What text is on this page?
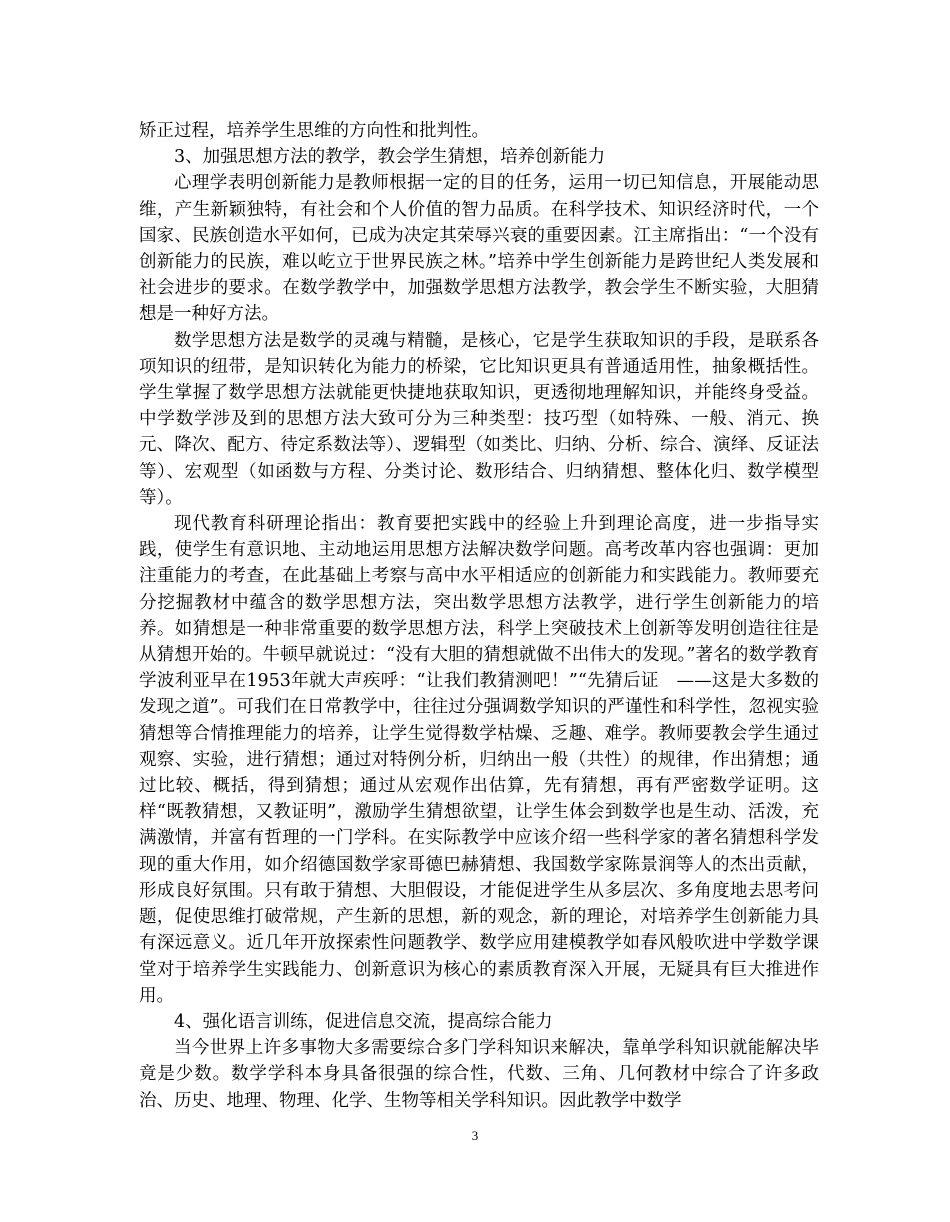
矫正过程，培养学生思维的方向性和批判性。

3、加强思想方法的教学，教会学生猜想，培养创新能力

心理学表明创新能力是教师根据一定的目的任务，运用一切已知信息，开展能动思维，产生新颖独特，有社会和个人价值的智力品质。在科学技术、知识经济时代，一个国家、民族创造水平如何，已成为决定其荣辱兴衰的重要因素。江主席指出：“一个没有创新能力的民族，难以屹立于世界民族之林。”培养中学生创新能力是跨世纪人类发展和社会进步的要求。在数学教学中，加强数学思想方法教学，教会学生不断实验，大胆猜想是一种好方法。

数学思想方法是数学的灵魂与精髓，是核心，它是学生获取知识的手段，是联系各项知识的纽带，是知识转化为能力的桥梁，它比知识更具有普通适用性，抽象概括性。学生掌握了数学思想方法就能更快捷地获取知识，更透彻地理解知识，并能终身受益。中学数学涉及到的思想方法大致可分为三种类型：技巧型（如特殊、一般、消元、换元、降次、配方、待定系数法等）、逻辑型（如类比、归纳、分析、综合、演绎、反证法等）、宏观型（如函数与方程、分类讨论、数形结合、归纳猜想、整体化归、数学模型等）。

现代教育科研理论指出：教育要把实践中的经验上升到理论高度，进一步指导实践，使学生有意识地、主动地运用思想方法解决数学问题。高考改革内容也强调：更加注重能力的考查，在此基础上考察与高中水平相适应的创新能力和实践能力。教师要充分挖掘教材中蕴含的数学思想方法，突出数学思想方法教学，进行学生创新能力的培养。如猜想是一种非常重要的数学思想方法，科学上突破技术上创新等发明创造往往是从猜想开始的。牛顿早就说过：“没有大胆的猜想就做不出伟大的发现。”著名的数学教育学波利亚早在1953年就大声疾呼：“让我们教猜测吧！”“先猜后证　——这是大多数的发现之道”。可我们在日常教学中，往往过分强调数学知识的严谨性和科学性，忽视实验猜想等合情推理能力的培养，让学生觉得数学枯燥、乏趣、难学。教师要教会学生通过观察、实验，进行猜想；通过对特例分析，归纳出一般（共性）的规律，作出猜想；通过比较、概括，得到猜想；通过从宏观作出估算，先有猜想，再有严密数学证明。这样“既教猜想，又教证明”，激励学生猜想欲望，让学生体会到数学也是生动、活泼，充满激情，并富有哲理的一门学科。在实际教学中应该介绍一些科学家的著名猜想科学发现的重大作用，如介绍德国数学家哥德巴赫猜想、我国数学家陈景润等人的杰出贡献，形成良好氛围。只有敢于猜想、大胆假设，才能促进学生从多层次、多角度地去思考问题，促使思维打破常规，产生新的思想，新的观念，新的理论，对培养学生创新能力具有深远意义。近几年开放探索性问题教学、数学应用建模教学如春风般吹进中学数学课堂对于培养学生实践能力、创新意识为核心的素质教育深入开展，无疑具有巨大推进作用。

4、强化语言训练，促进信息交流，提高综合能力

当今世界上许多事物大多需要综合多门学科知识来解决，靠单学科知识就能解决毕竟是少数。数学学科本身具备很强的综合性，代数、三角、几何教材中综合了许多政治、历史、地理、物理、化学、生物等相关学科知识。因此教学中数学

3
